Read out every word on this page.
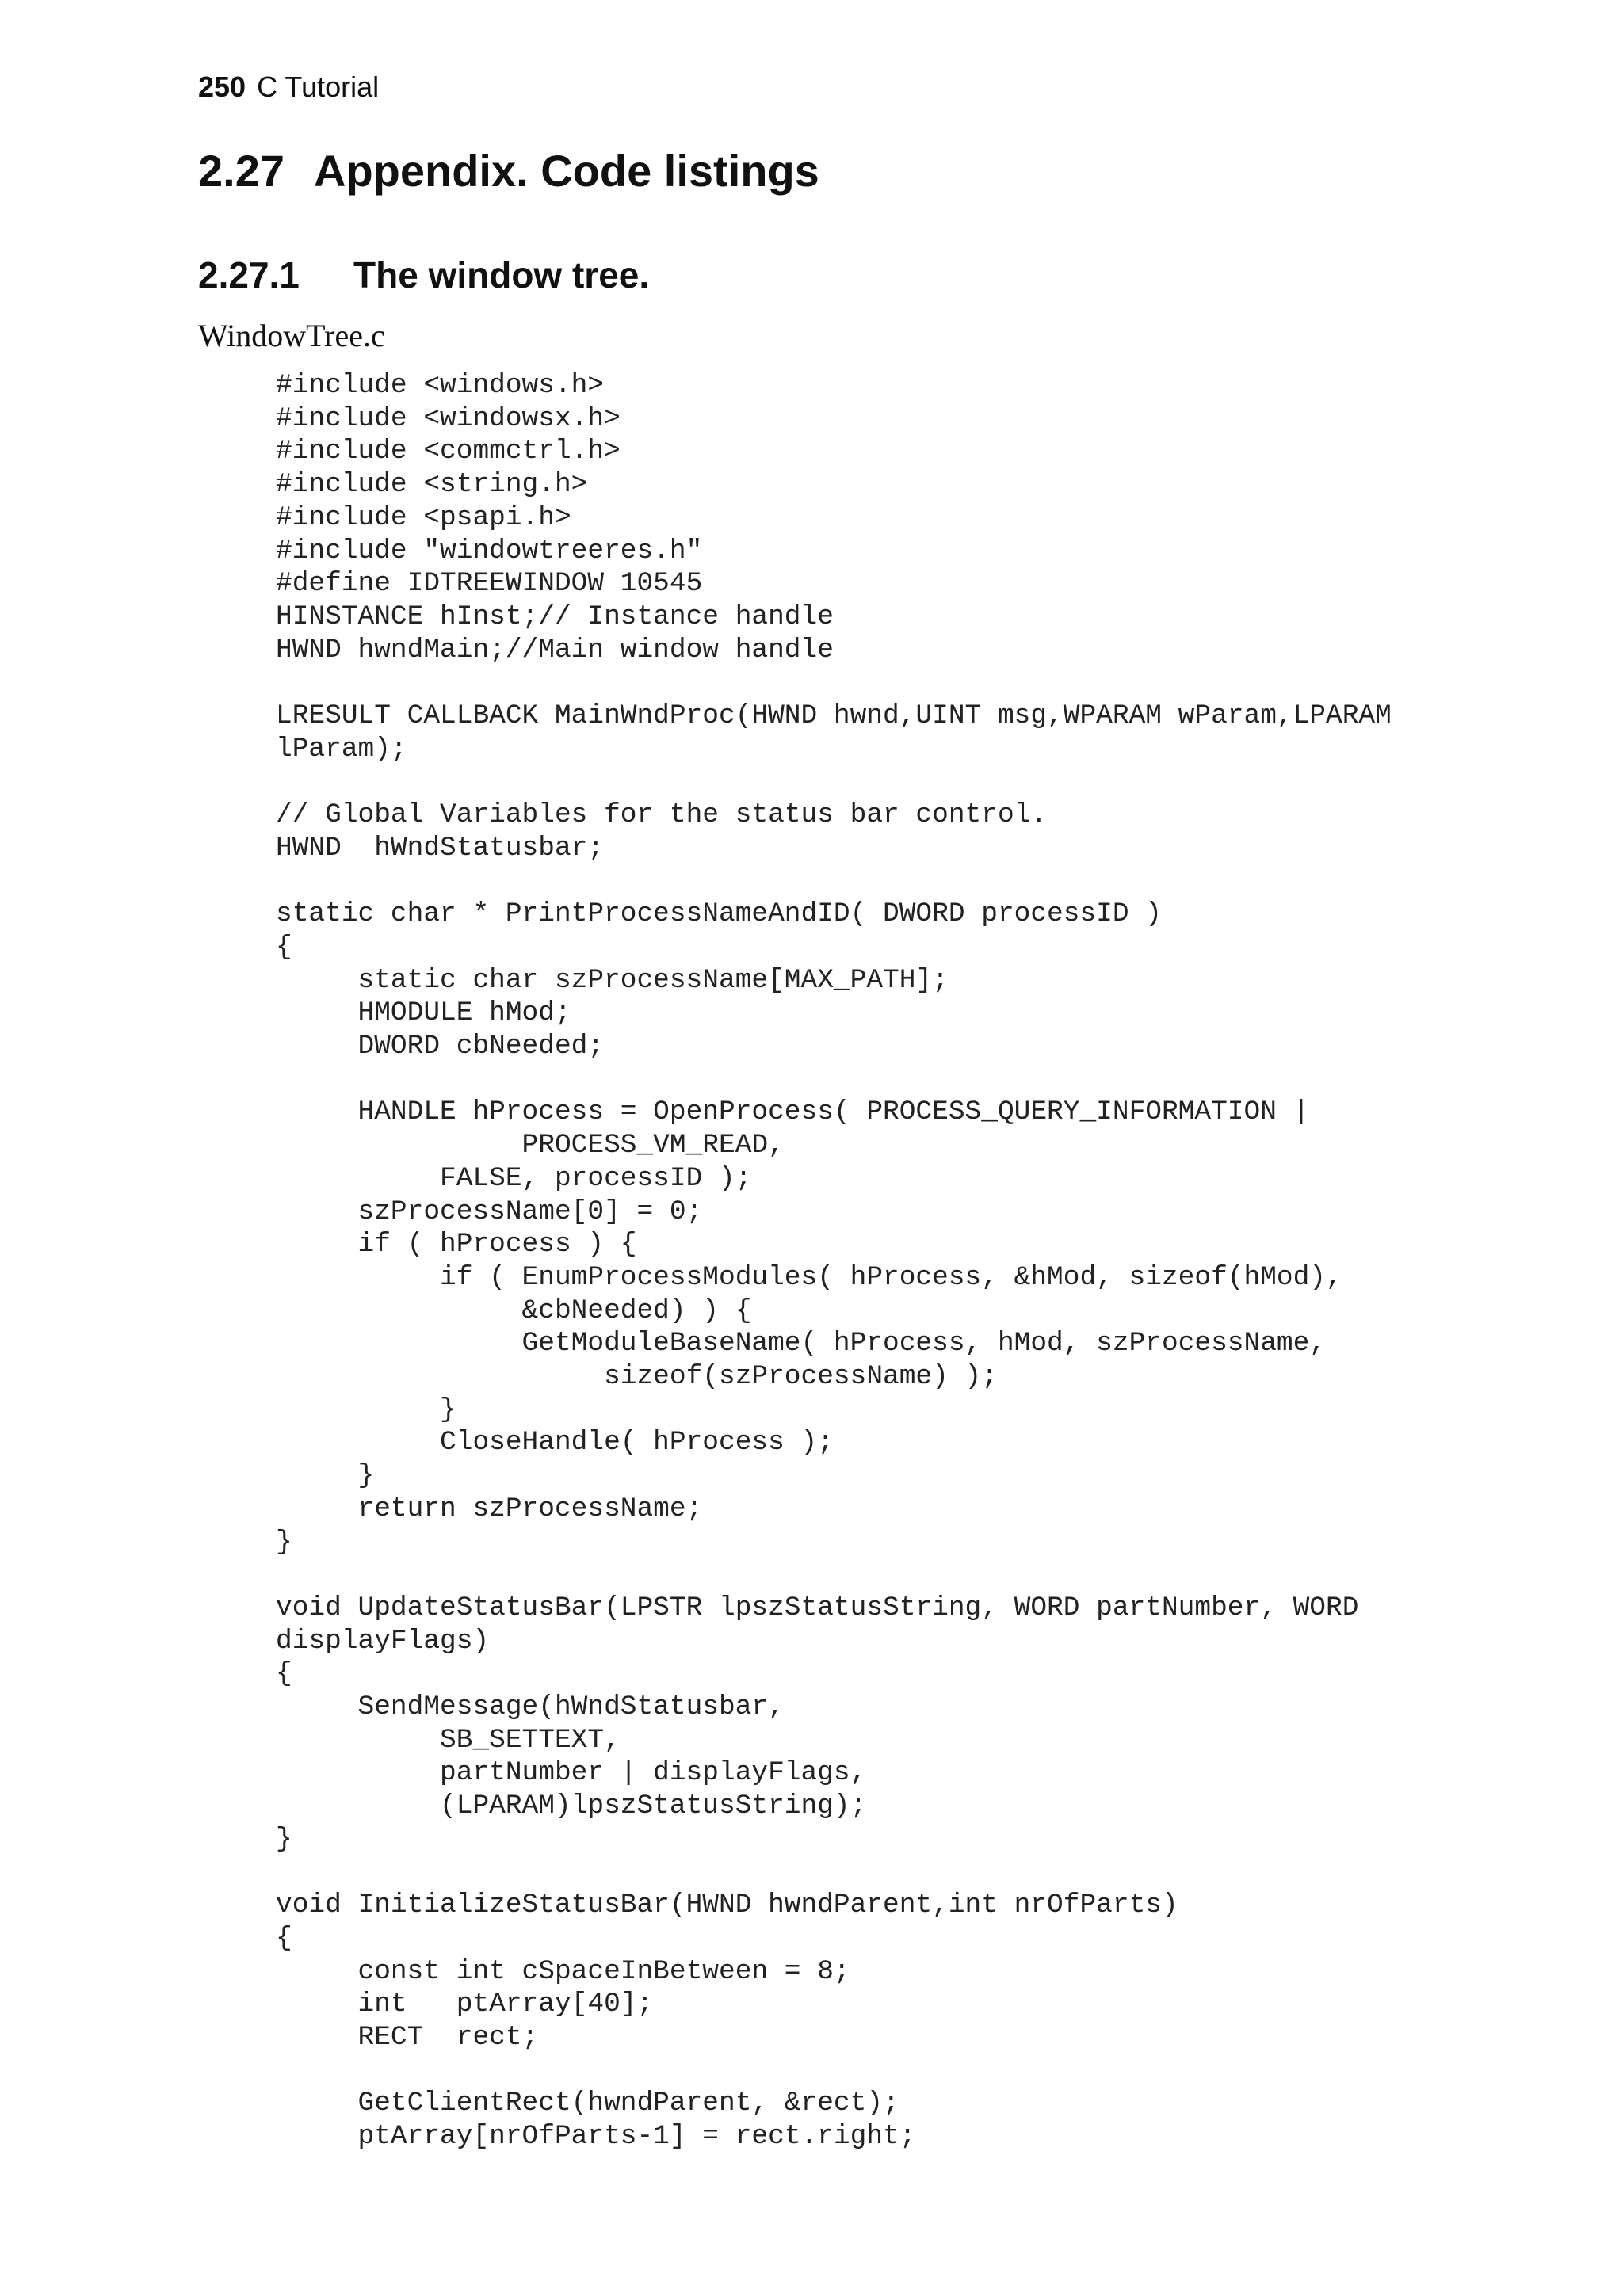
250 C Tutorial
2.27 Appendix. Code listings
2.27.1 The window tree.
WindowTree.c
#include <windows.h>
#include <windowsx.h>
#include <commctrl.h>
#include <string.h>
#include <psapi.h>
#include "windowtreeres.h"
#define IDTREEWINDOW 10545
HINSTANCE hInst;// Instance handle
HWND hwndMain;//Main window handle
LRESULT CALLBACK MainWndProc(HWND hwnd,UINT msg,WPARAM wParam,LPARAM
lParam);
// Global Variables for the status bar control.
HWND  hWndStatusbar;
static char * PrintProcessNameAndID( DWORD processID )
{
static char szProcessName[MAX_PATH];
HMODULE hMod;
DWORD cbNeeded;
HANDLE hProcess = OpenProcess( PROCESS_QUERY_INFORMATION |
PROCESS_VM_READ,
FALSE, processID );
szProcessName[0] = 0;
if ( hProcess ) {
if ( EnumProcessModules( hProcess, &hMod, sizeof(hMod),
&cbNeeded) ) {
GetModuleBaseName( hProcess, hMod, szProcessName,
sizeof(szProcessName) );
}
CloseHandle( hProcess );
}
return szProcessName;
}
void UpdateStatusBar(LPSTR lpszStatusString, WORD partNumber, WORD
displayFlags)
{
SendMessage(hWndStatusbar,
SB_SETTEXT,
partNumber | displayFlags,
(LPARAM)lpszStatusString);
}
void InitializeStatusBar(HWND hwndParent,int nrOfParts)
{
const int cSpaceInBetween = 8;
int   ptArray[40];
RECT  rect;
GetClientRect(hwndParent, &rect);
ptArray[nrOfParts-1] = rect.right;
